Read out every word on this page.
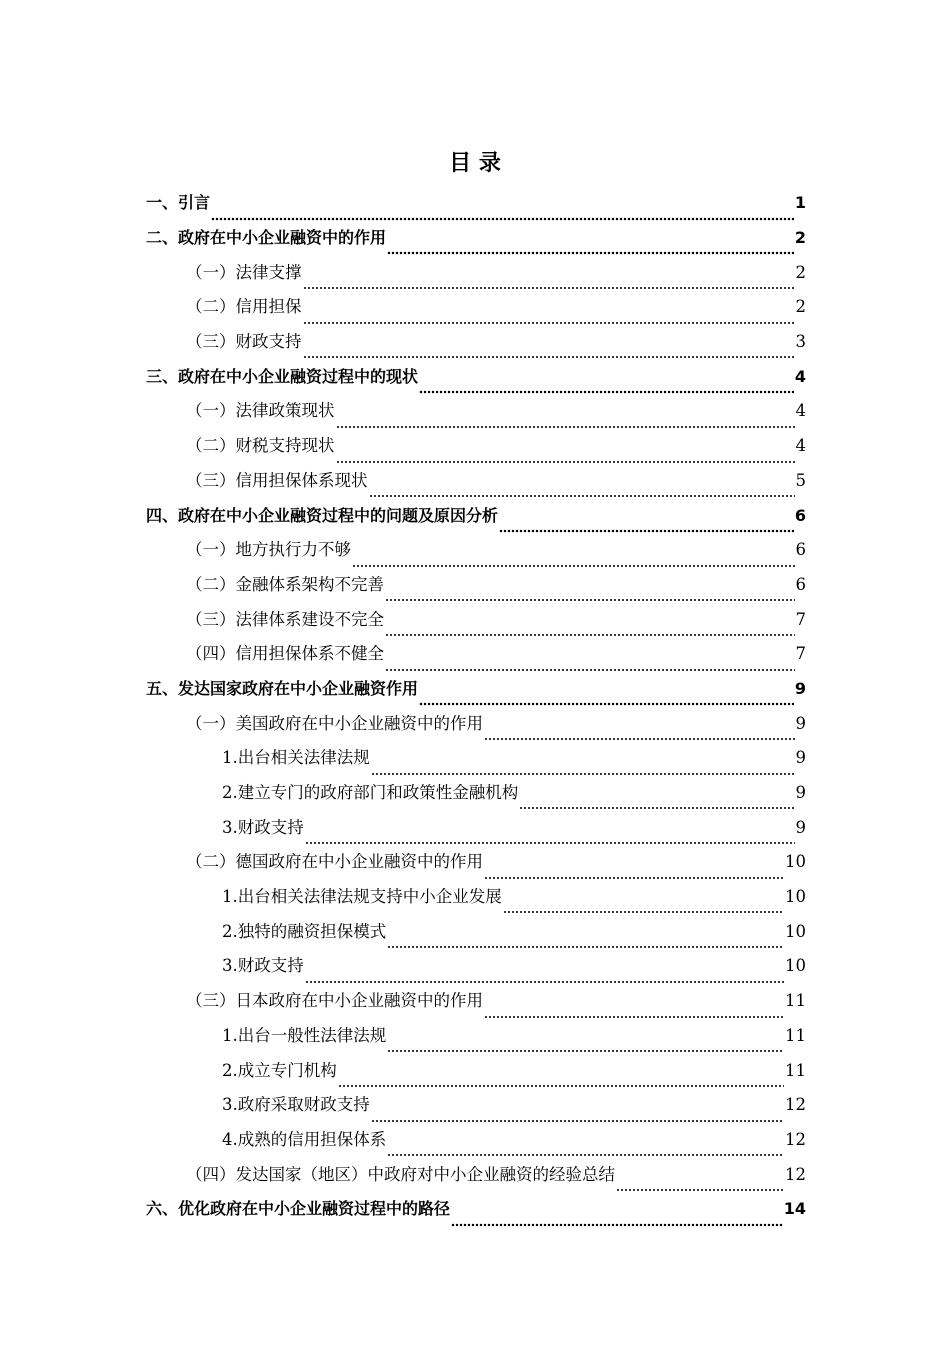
目 录
一、引言	1
二、政府在中小企业融资中的作用	2
（一）法律支撑	2
（二）信用担保	2
（三）财政支持	3
三、政府在中小企业融资过程中的现状	4
（一）法律政策现状	4
（二）财税支持现状	4
（三）信用担保体系现状	5
四、政府在中小企业融资过程中的问题及原因分析	6
（一）地方执行力不够	6
（二）金融体系架构不完善	6
（三）法律体系建设不完全	7
（四）信用担保体系不健全	7
五、发达国家政府在中小企业融资作用	9
（一）美国政府在中小企业融资中的作用	9
1.出台相关法律法规	9
2.建立专门的政府部门和政策性金融机构	9
3.财政支持	9
（二）德国政府在中小企业融资中的作用	10
1.出台相关法律法规支持中小企业发展	10
2.独特的融资担保模式	10
3.财政支持	10
（三）日本政府在中小企业融资中的作用	11
1.出台一般性法律法规	11
2.成立专门机构	11
3.政府采取财政支持	12
4.成熟的信用担保体系	12
（四）发达国家（地区）中政府对中小企业融资的经验总结	12
六、优化政府在中小企业融资过程中的路径	14
